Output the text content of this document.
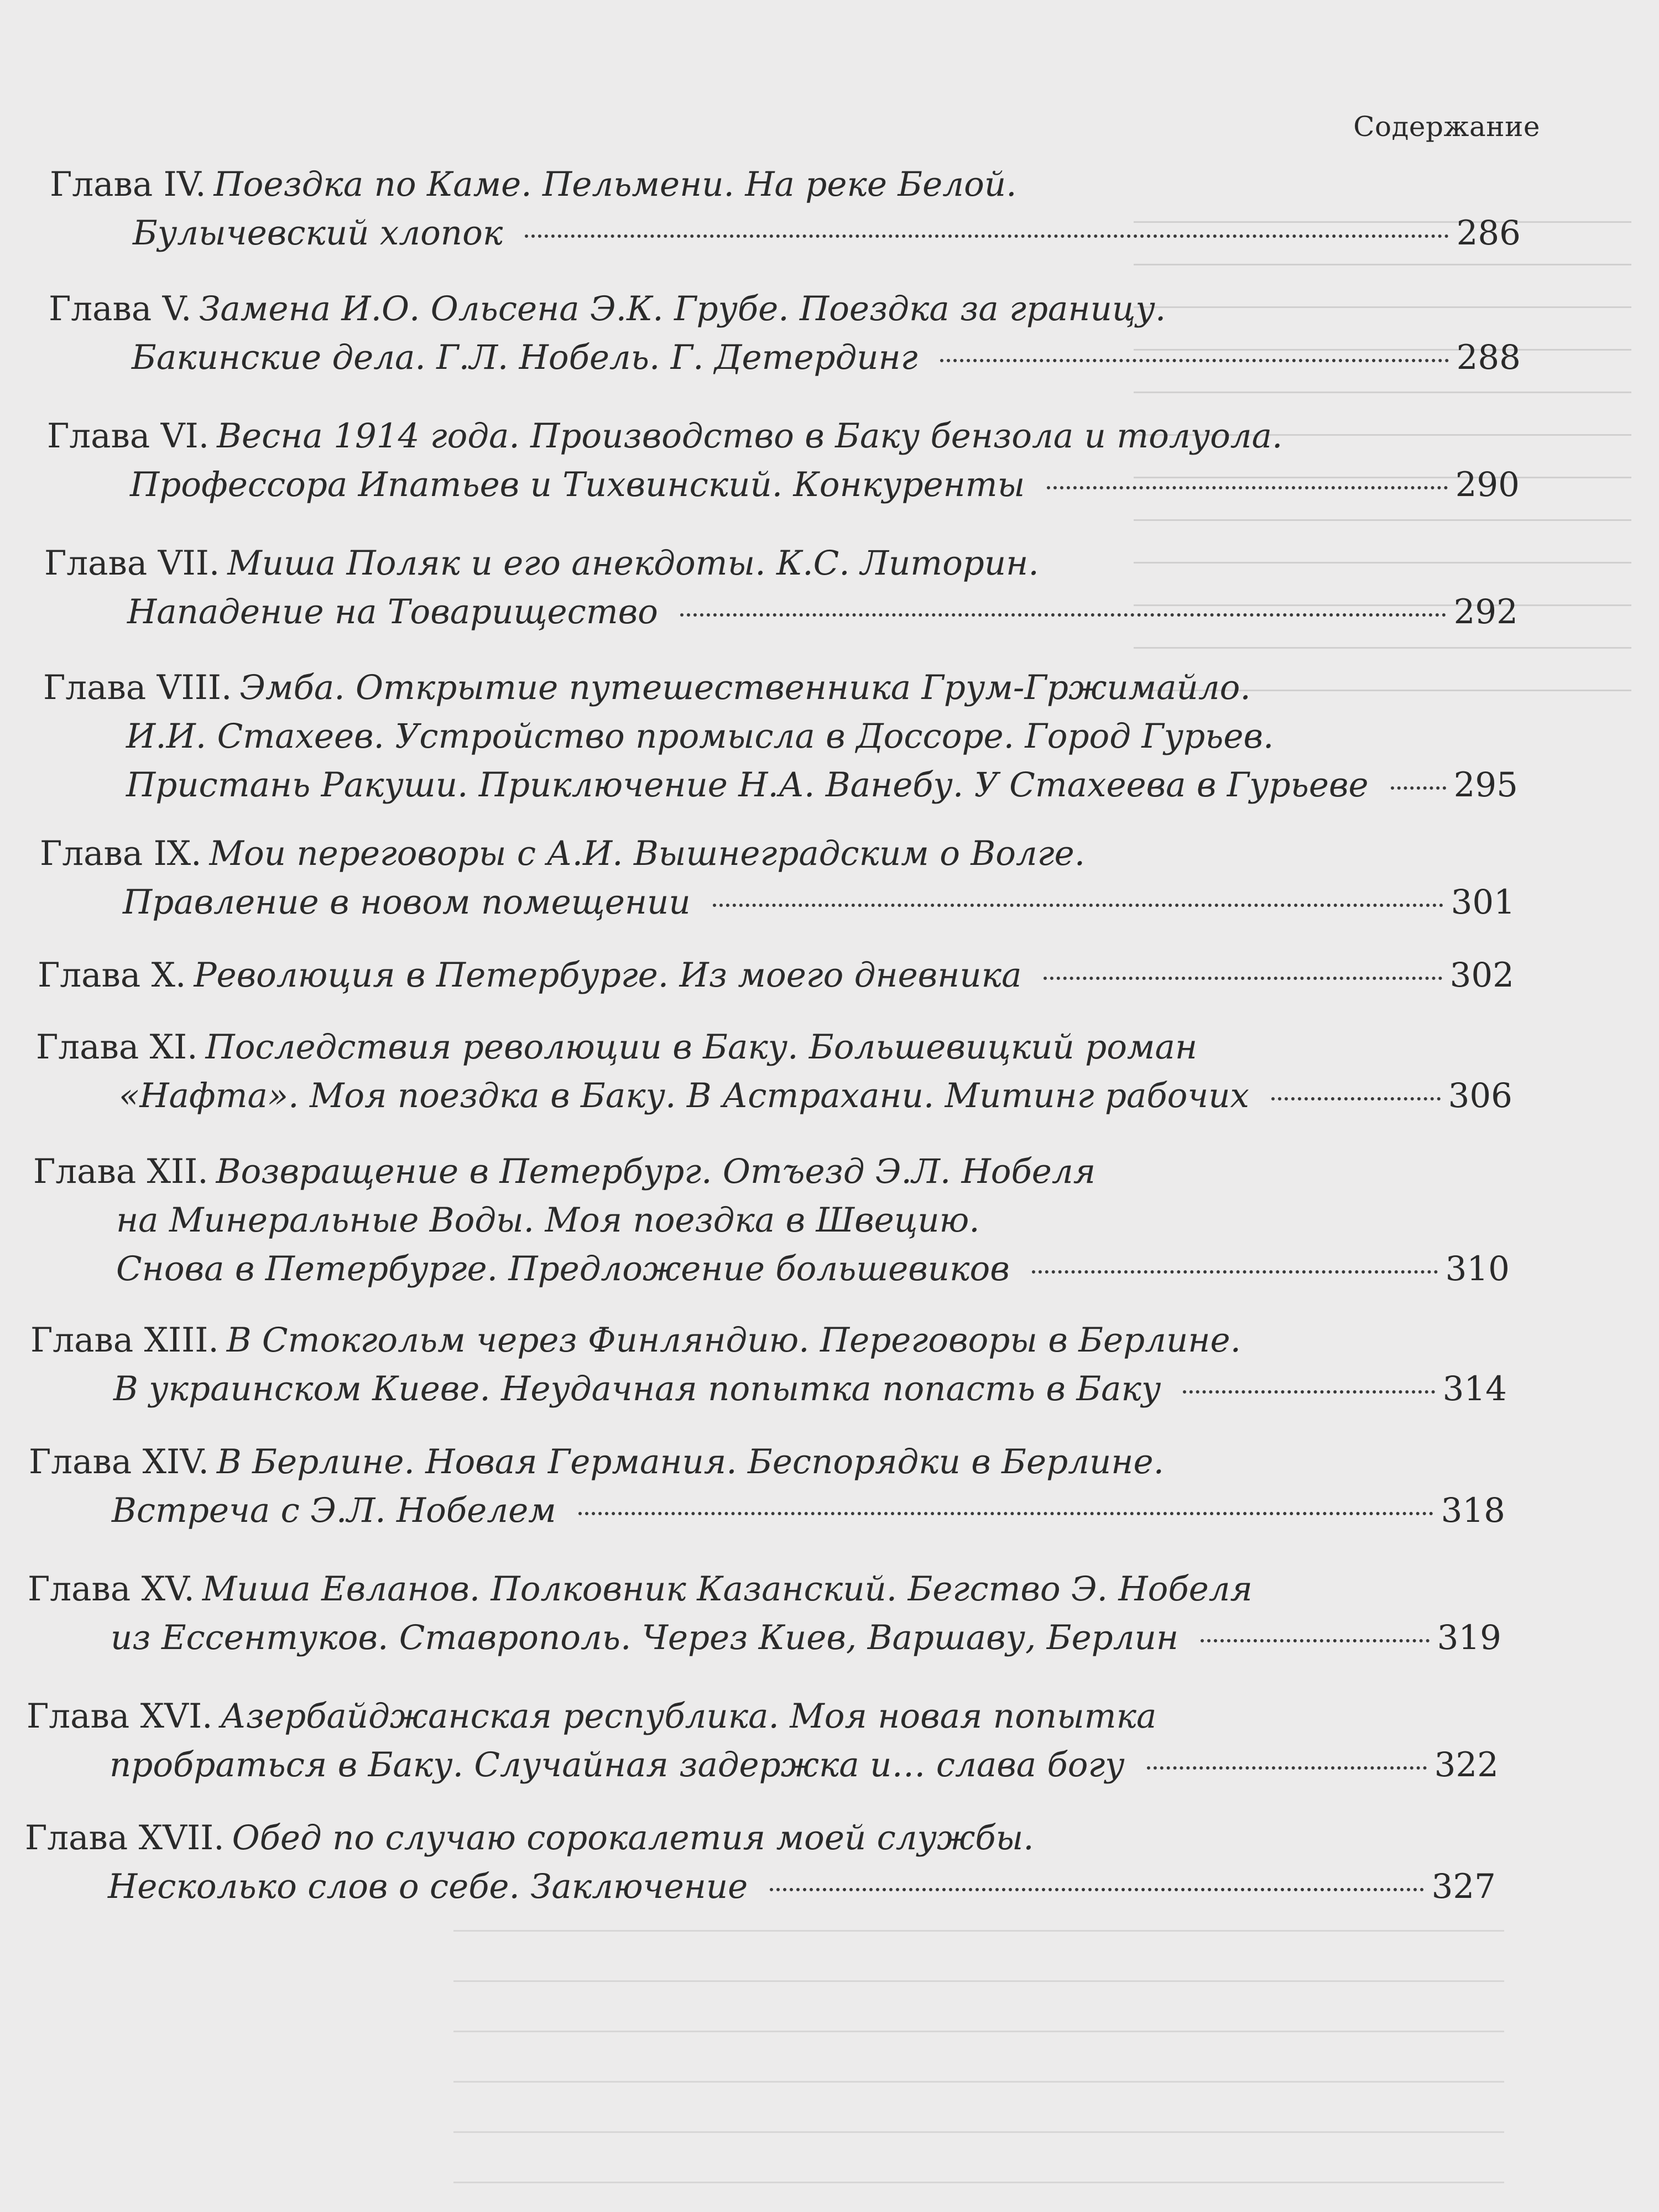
Содержание
Глава IV. Поездка по Каме. Пельмени. На реке Белой.
Булычевский хлопок	286
Глава V. Замена И.О. Ольсена Э.К. Грубе. Поездка за границу.
Бакинские дела. Г.Л. Нобель. Г. Детердинг	288
Глава VI. Весна 1914 года. Производство в Баку бензола и толуола.
Профессора Ипатьев и Тихвинский. Конкуренты	290
Глава VII. Миша Поляк и его анекдоты. К.С. Литорин.
Нападение на Товарищество	292
Глава VIII. Эмба. Открытие путешественника Грум-Гржимайло.
И.И. Стахеев. Устройство промысла в Доссоре. Город Гурьев.
Пристань Ракуши. Приключение Н.А. Ванебу. У Стахеева в Гурьеве	295
Глава IX. Мои переговоры с А.И. Вышнеградским о Волге.
Правление в новом помещении	301
Глава X. Революция в Петербурге. Из моего дневника	302
Глава XI. Последствия революции в Баку. Большевицкий роман
«Нафта». Моя поездка в Баку. В Астрахани. Митинг рабочих	306
Глава XII. Возвращение в Петербург. Отъезд Э.Л. Нобеля
на Минеральные Воды. Моя поездка в Швецию.
Снова в Петербурге. Предложение большевиков	310
Глава XIII. В Стокгольм через Финляндию. Переговоры в Берлине.
В украинском Киеве. Неудачная попытка попасть в Баку	314
Глава XIV. В Берлине. Новая Германия. Беспорядки в Берлине.
Встреча с Э.Л. Нобелем	318
Глава XV. Миша Евланов. Полковник Казанский. Бегство Э. Нобеля
из Ессентуков. Ставрополь. Через Киев, Варшаву, Берлин	319
Глава XVI. Азербайджанская республика. Моя новая попытка
пробраться в Баку. Случайная задержка и… слава богу	322
Глава XVII. Обед по случаю сорокалетия моей службы.
Несколько слов о себе. Заключение	327
